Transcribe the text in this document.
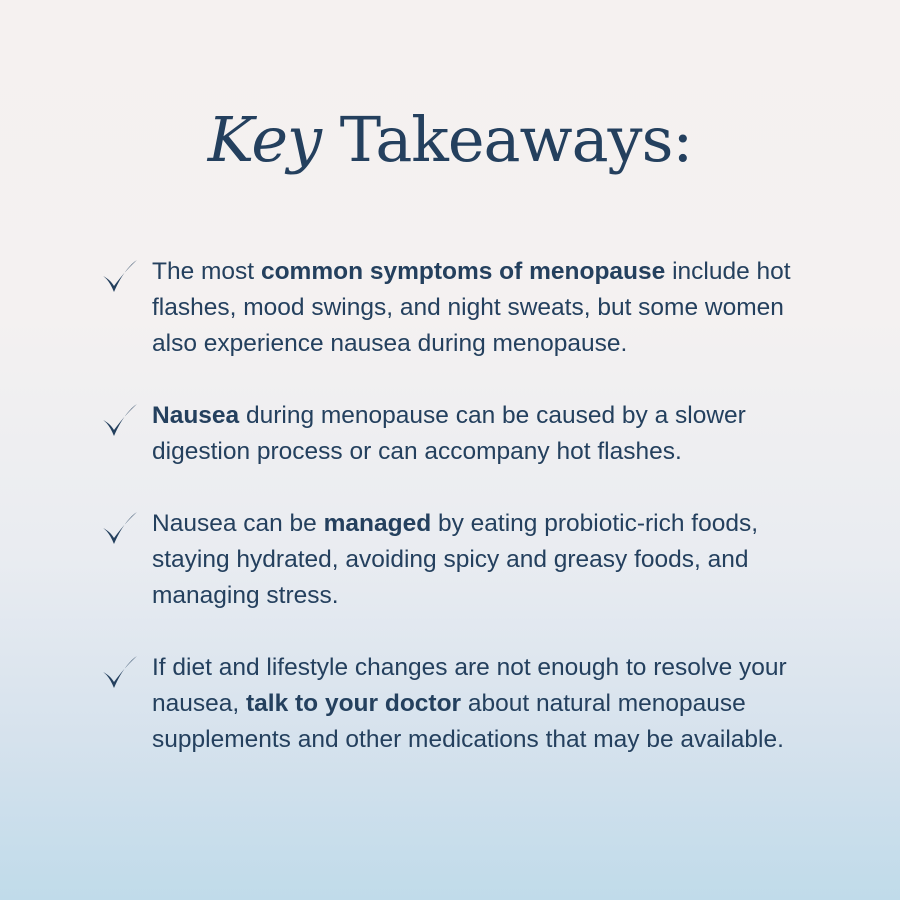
Key Takeaways:
The most common symptoms of menopause include hot flashes, mood swings, and night sweats, but some women also experience nausea during menopause.
Nausea during menopause can be caused by a slower digestion process or can accompany hot flashes.
Nausea can be managed by eating probiotic-rich foods, staying hydrated, avoiding spicy and greasy foods, and managing stress.
If diet and lifestyle changes are not enough to resolve your nausea, talk to your doctor about natural menopause supplements and other medications that may be available.
